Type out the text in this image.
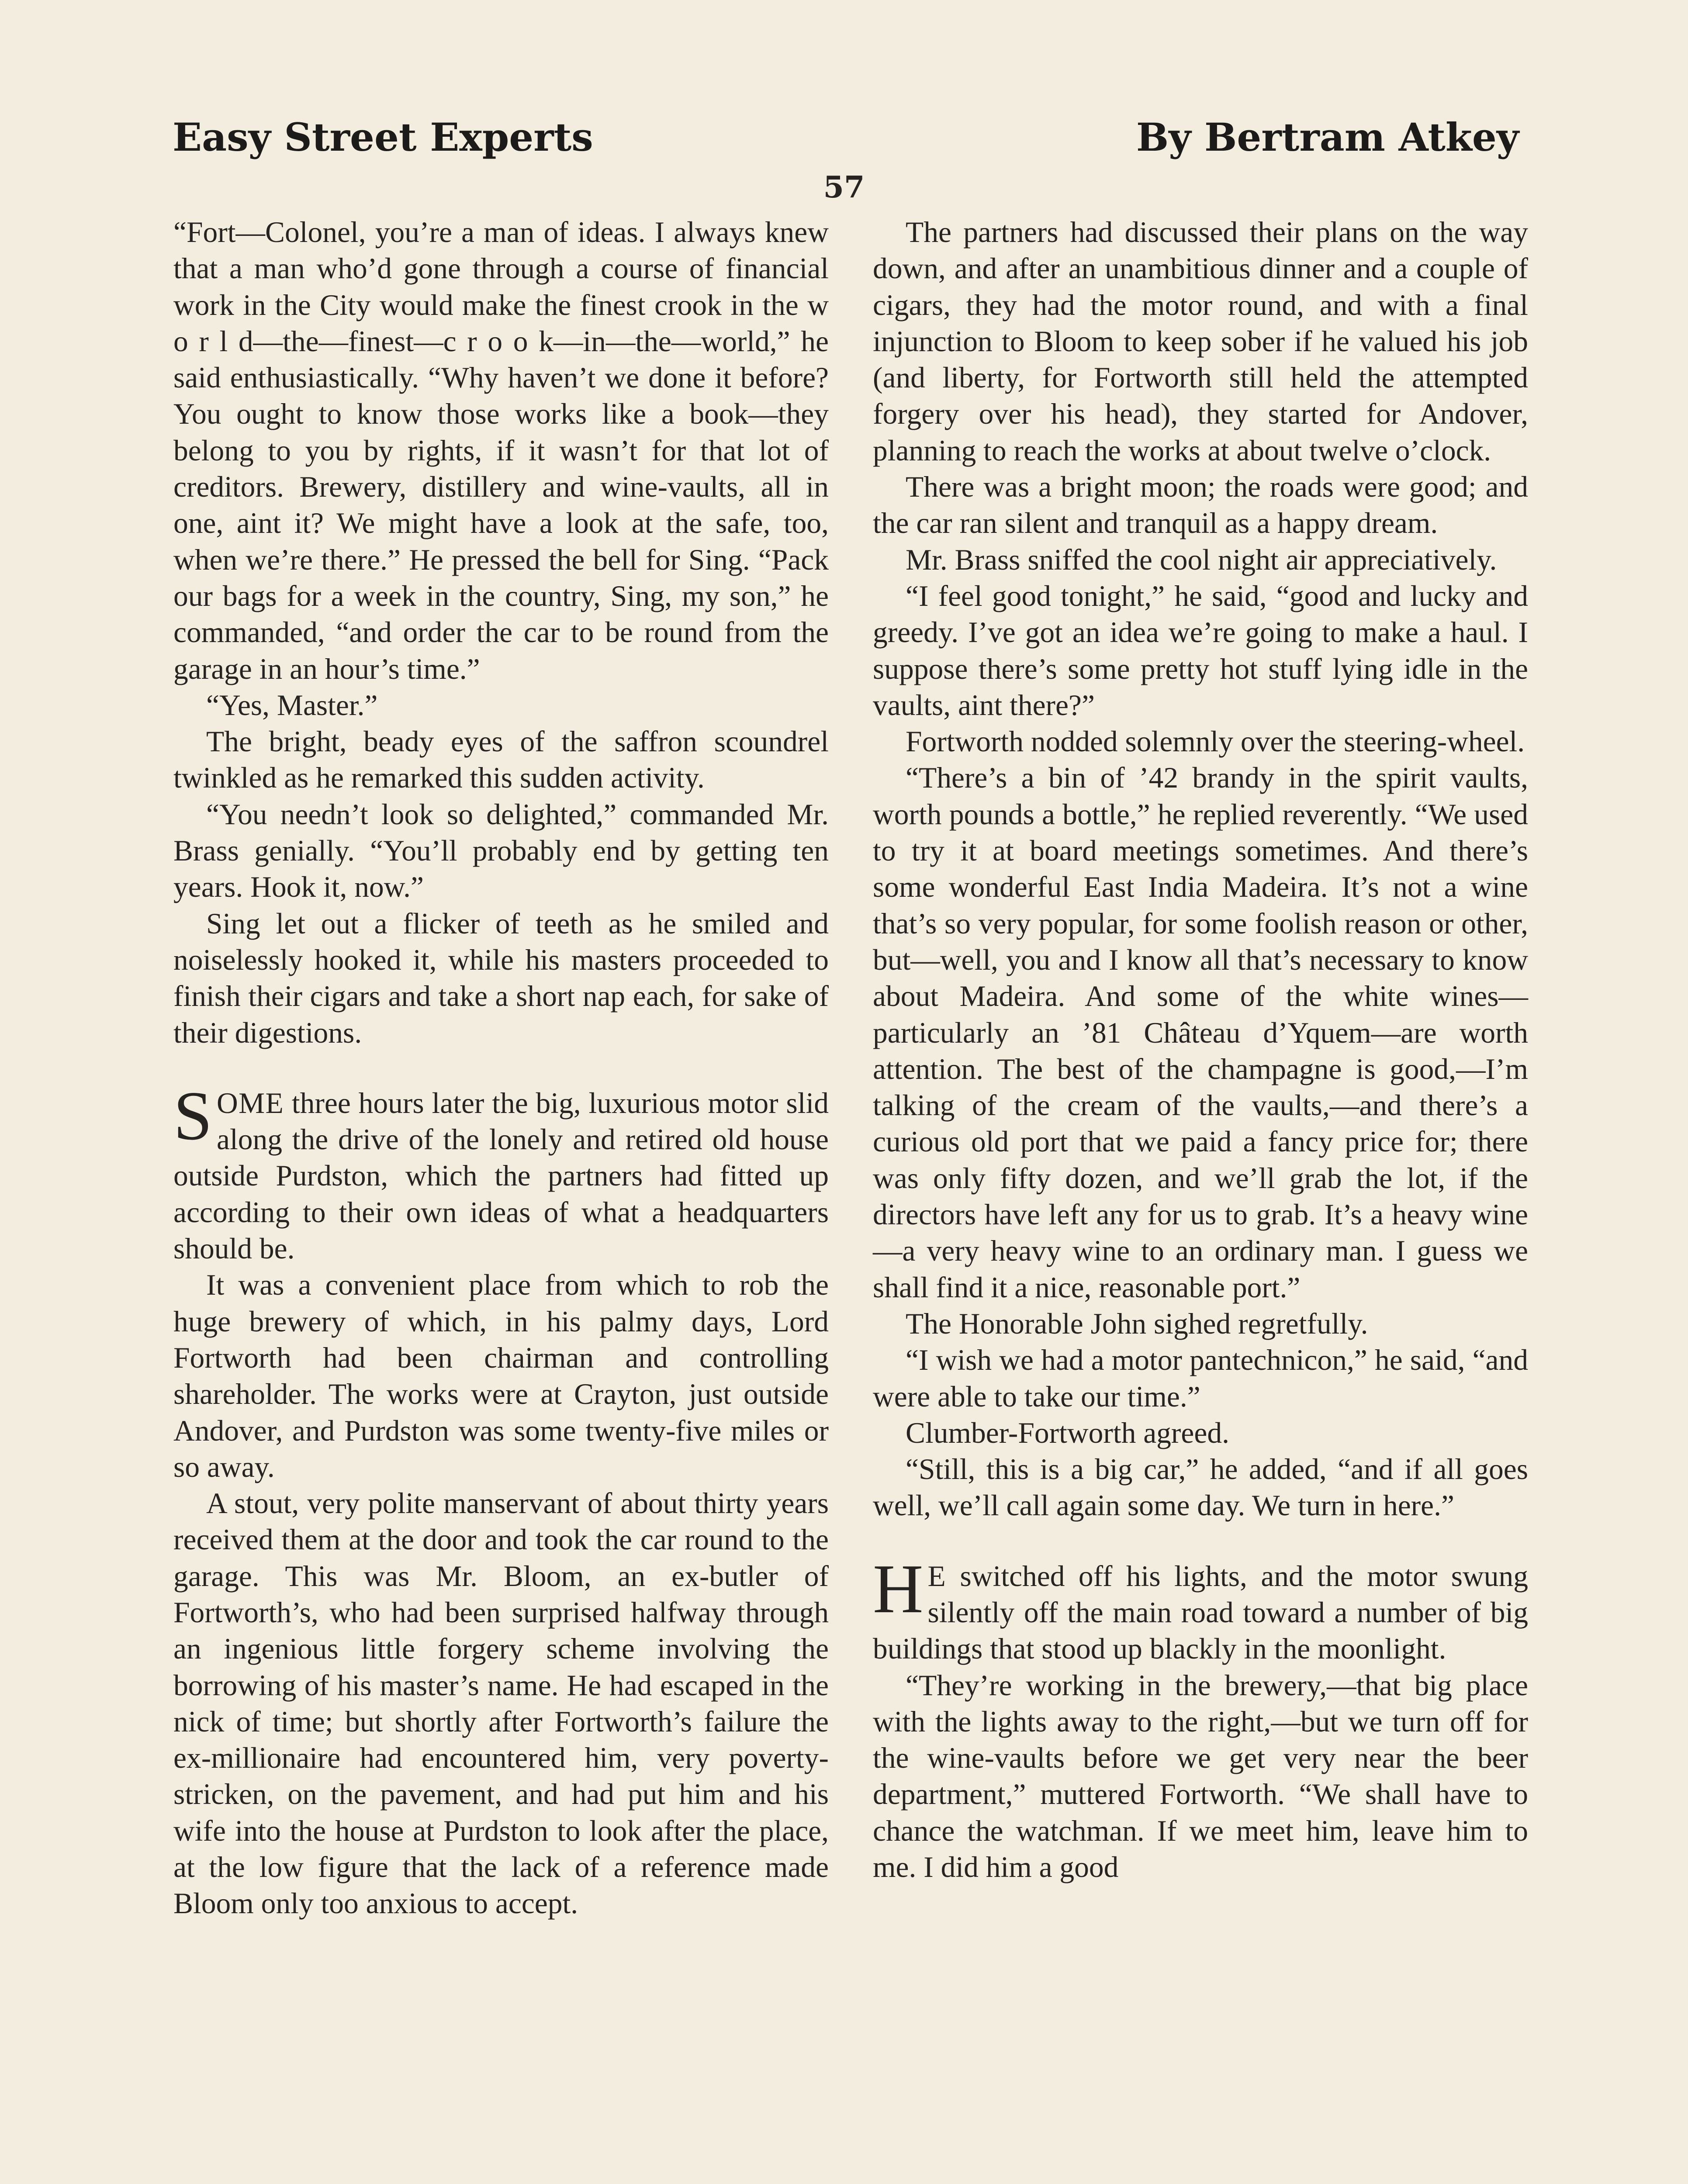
Easy Street Experts	By Bertram Atkey
57

“Fort—Colonel, you’re a man of ideas. I always knew that a man who’d gone through a course of financial work in the City would make the finest crook in the w o r l d—the—finest—c r o o k—in—the—world,” he said enthusiastically. “Why haven’t we done it before? You ought to know those works like a book—they belong to you by rights, if it wasn’t for that lot of creditors. Brewery, distillery and wine-vaults, all in one, aint it? We might have a look at the safe, too, when we’re there.” He pressed the bell for Sing. “Pack our bags for a week in the country, Sing, my son,” he commanded, “and order the car to be round from the garage in an hour’s time.”

“Yes, Master.”

The bright, beady eyes of the saffron scoundrel twinkled as he remarked this sudden activity.

“You needn’t look so delighted,” commanded Mr. Brass genially. “You’ll probably end by getting ten years. Hook it, now.”

Sing let out a flicker of teeth as he smiled and noiselessly hooked it, while his masters proceeded to finish their cigars and take a short nap each, for sake of their digestions.

SOME three hours later the big, luxurious motor slid along the drive of the lonely and retired old house outside Purdston, which the partners had fitted up according to their own ideas of what a headquarters should be.

It was a convenient place from which to rob the huge brewery of which, in his palmy days, Lord Fortworth had been chairman and controlling shareholder. The works were at Crayton, just outside Andover, and Purdston was some twenty-five miles or so away.

A stout, very polite manservant of about thirty years received them at the door and took the car round to the garage. This was Mr. Bloom, an ex-butler of Fortworth’s, who had been surprised halfway through an ingenious little forgery scheme involving the borrowing of his master’s name. He had escaped in the nick of time; but shortly after Fortworth’s failure the ex-millionaire had encountered him, very poverty-stricken, on the pavement, and had put him and his wife into the house at Purdston to look after the place, at the low figure that the lack of a reference made Bloom only too anxious to accept.

The partners had discussed their plans on the way down, and after an unambitious dinner and a couple of cigars, they had the motor round, and with a final injunction to Bloom to keep sober if he valued his job (and liberty, for Fortworth still held the attempted forgery over his head), they started for Andover, planning to reach the works at about twelve o’clock.

There was a bright moon; the roads were good; and the car ran silent and tranquil as a happy dream.

Mr. Brass sniffed the cool night air appreciatively.

“I feel good tonight,” he said, “good and lucky and greedy. I’ve got an idea we’re going to make a haul. I suppose there’s some pretty hot stuff lying idle in the vaults, aint there?”

Fortworth nodded solemnly over the steering-wheel.

“There’s a bin of ’42 brandy in the spirit vaults, worth pounds a bottle,” he replied reverently. “We used to try it at board meetings sometimes. And there’s some wonderful East India Madeira. It’s not a wine that’s so very popular, for some foolish reason or other, but—well, you and I know all that’s necessary to know about Madeira. And some of the white wines—particularly an ’81 Château d’Yquem—are worth attention. The best of the champagne is good,—I’m talking of the cream of the vaults,—and there’s a curious old port that we paid a fancy price for; there was only fifty dozen, and we’ll grab the lot, if the directors have left any for us to grab. It’s a heavy wine—a very heavy wine to an ordinary man. I guess we shall find it a nice, reasonable port.”

The Honorable John sighed regretfully.

“I wish we had a motor pantechnicon,” he said, “and were able to take our time.”

Clumber-Fortworth agreed.

“Still, this is a big car,” he added, “and if all goes well, we’ll call again some day. We turn in here.”

H E switched off his lights, and the motor swung silently off the main road toward a number of big buildings that stood up blackly in the moonlight.

“They’re working in the brewery,—that big place with the lights away to the right,—but we turn off for the wine-vaults before we get very near the beer department,” muttered Fortworth. “We shall have to chance the watchman. If we meet him, leave him to me. I did him a good
